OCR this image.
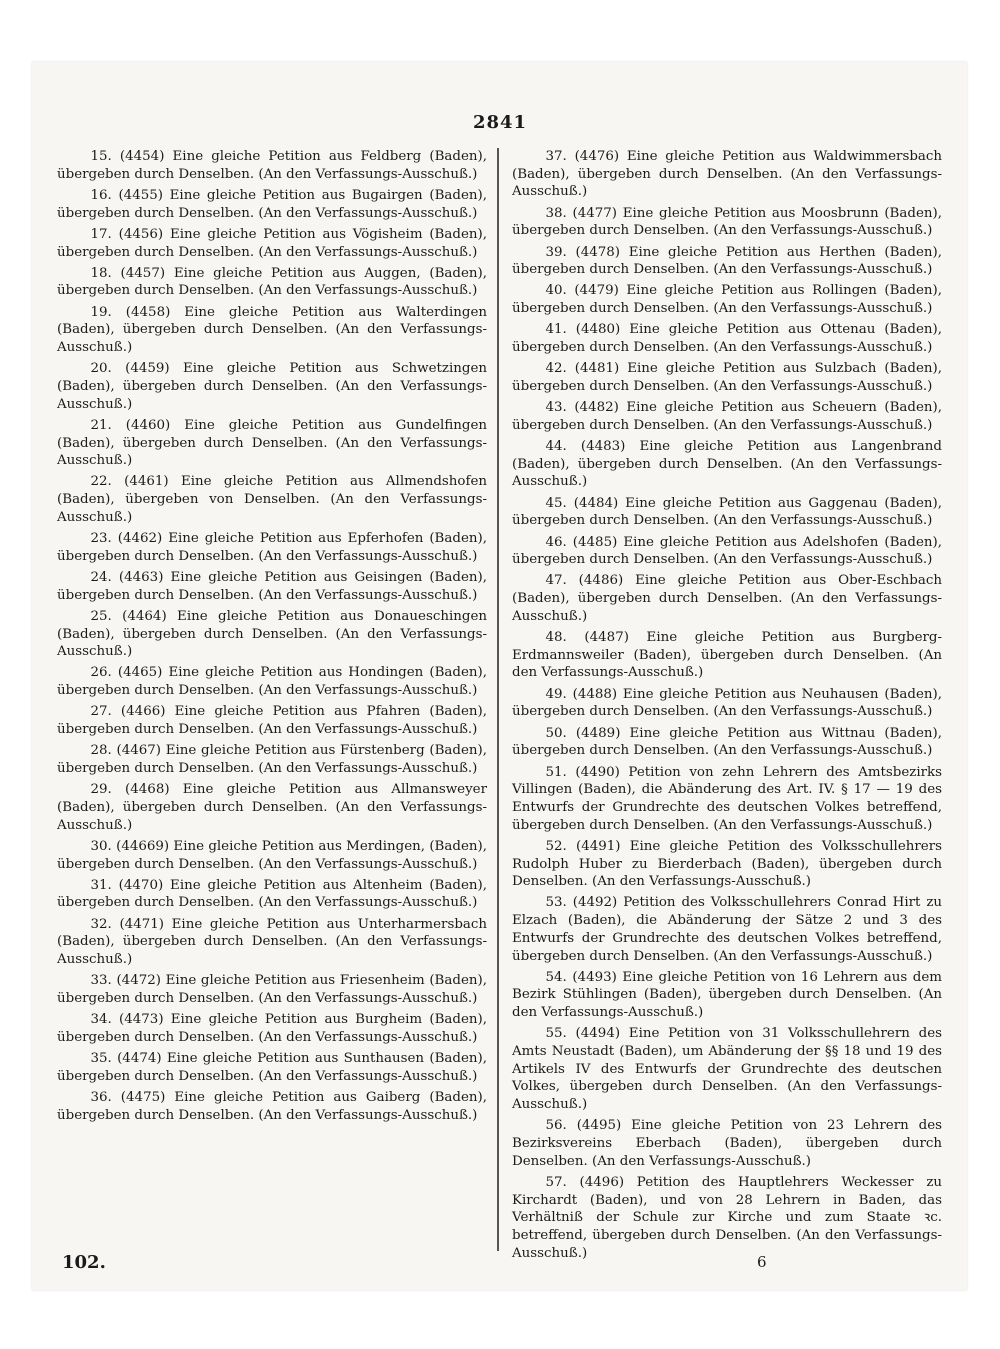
2841

15. (4454) Eine gleiche Petition aus Feldberg (Baden), übergeben durch Denselben. (An den Verfassungs-Ausschuß.)

16. (4455) Eine gleiche Petition aus Bugairgen (Baden), übergeben durch Denselben. (An den Verfassungs-Ausschuß.)

17. (4456) Eine gleiche Petition aus Vögisheim (Baden), übergeben durch Denselben. (An den Verfassungs-Ausschuß.)

18. (4457) Eine gleiche Petition aus Auggen, (Baden), übergeben durch Denselben. (An den Verfassungs-Ausschuß.)

19. (4458) Eine gleiche Petition aus Walterdingen (Baden), übergeben durch Denselben. (An den Verfassungs-Ausschuß.)

20. (4459) Eine gleiche Petition aus Schwetzingen (Baden), übergeben durch Denselben. (An den Verfassungs-Ausschuß.)

21. (4460) Eine gleiche Petition aus Gundelfingen (Baden), übergeben durch Denselben. (An den Verfassungs-Ausschuß.)

22. (4461) Eine gleiche Petition aus Allmendshofen (Baden), übergeben von Denselben. (An den Verfassungs-Ausschuß.)

23. (4462) Eine gleiche Petition aus Epferhofen (Baden), übergeben durch Denselben. (An den Verfassungs-Ausschuß.)

24. (4463) Eine gleiche Petition aus Geisingen (Baden), übergeben durch Denselben. (An den Verfassungs-Ausschuß.)

25. (4464) Eine gleiche Petition aus Donaueschingen (Baden), übergeben durch Denselben. (An den Verfassungs-Ausschuß.)

26. (4465) Eine gleiche Petition aus Hondingen (Baden), übergeben durch Denselben. (An den Verfassungs-Ausschuß.)

27. (4466) Eine gleiche Petition aus Pfahren (Baden), übergeben durch Denselben. (An den Verfassungs-Ausschuß.)

28. (4467) Eine gleiche Petition aus Fürstenberg (Baden), übergeben durch Denselben. (An den Verfassungs-Ausschuß.)

29. (4468) Eine gleiche Petition aus Allmansweyer (Baden), übergeben durch Denselben. (An den Verfassungs-Ausschuß.)

30. (44669) Eine gleiche Petition aus Merdingen, (Baden), übergeben durch Denselben. (An den Verfassungs-Ausschuß.)

31. (4470) Eine gleiche Petition aus Altenheim (Baden), übergeben durch Denselben. (An den Verfassungs-Ausschuß.)

32. (4471) Eine gleiche Petition aus Unterharmersbach (Baden), übergeben durch Denselben. (An den Verfassungs-Ausschuß.)

33. (4472) Eine gleiche Petition aus Friesenheim (Baden), übergeben durch Denselben. (An den Verfassungs-Ausschuß.)

34. (4473) Eine gleiche Petition aus Burgheim (Baden), übergeben durch Denselben. (An den Verfassungs-Ausschuß.)

35. (4474) Eine gleiche Petition aus Sunthausen (Baden), übergeben durch Denselben. (An den Verfassungs-Ausschuß.)

36. (4475) Eine gleiche Petition aus Gaiberg (Baden), übergeben durch Denselben. (An den Verfassungs-Ausschuß.)

37. (4476) Eine gleiche Petition aus Waldwimmersbach (Baden), übergeben durch Denselben. (An den Verfassungs-Ausschuß.)

38. (4477) Eine gleiche Petition aus Moosbrunn (Baden), übergeben durch Denselben. (An den Verfassungs-Ausschuß.)

39. (4478) Eine gleiche Petition aus Herthen (Baden), übergeben durch Denselben. (An den Verfassungs-Ausschuß.)

40. (4479) Eine gleiche Petition aus Rollingen (Baden), übergeben durch Denselben. (An den Verfassungs-Ausschuß.)

41. (4480) Eine gleiche Petition aus Ottenau (Baden), übergeben durch Denselben. (An den Verfassungs-Ausschuß.)

42. (4481) Eine gleiche Petition aus Sulzbach (Baden), übergeben durch Denselben. (An den Verfassungs-Ausschuß.)

43. (4482) Eine gleiche Petition aus Scheuern (Baden), übergeben durch Denselben. (An den Verfassungs-Ausschuß.)

44. (4483) Eine gleiche Petition aus Langenbrand (Baden), übergeben durch Denselben. (An den Verfassungs-Ausschuß.)

45. (4484) Eine gleiche Petition aus Gaggenau (Baden), übergeben durch Denselben. (An den Verfassungs-Ausschuß.)

46. (4485) Eine gleiche Petition aus Adelshofen (Baden), übergeben durch Denselben. (An den Verfassungs-Ausschuß.)

47. (4486) Eine gleiche Petition aus Ober-Eschbach (Baden), übergeben durch Denselben. (An den Verfassungs-Ausschuß.)

48. (4487) Eine gleiche Petition aus Burgberg-Erdmannsweiler (Baden), übergeben durch Denselben. (An den Verfassungs-Ausschuß.)

49. (4488) Eine gleiche Petition aus Neuhausen (Baden), übergeben durch Denselben. (An den Verfassungs-Ausschuß.)

50. (4489) Eine gleiche Petition aus Wittnau (Baden), übergeben durch Denselben. (An den Verfassungs-Ausschuß.)

51. (4490) Petition von zehn Lehrern des Amtsbezirks Villingen (Baden), die Abänderung des Art. IV. § 17 — 19 des Entwurfs der Grundrechte des deutschen Volkes betreffend, übergeben durch Denselben. (An den Verfassungs-Ausschuß.)

52. (4491) Eine gleiche Petition des Volksschullehrers Rudolph Huber zu Bierderbach (Baden), übergeben durch Denselben. (An den Verfassungs-Ausschuß.)

53. (4492) Petition des Volksschullehrers Conrad Hirt zu Elzach (Baden), die Abänderung der Sätze 2 und 3 des Entwurfs der Grundrechte des deutschen Volkes betreffend, übergeben durch Denselben. (An den Verfassungs-Ausschuß.)

54. (4493) Eine gleiche Petition von 16 Lehrern aus dem Bezirk Stühlingen (Baden), übergeben durch Denselben. (An den Verfassungs-Ausschuß.)

55. (4494) Eine Petition von 31 Volksschullehrern des Amts Neustadt (Baden), um Abänderung der §§ 18 und 19 des Artikels IV des Entwurfs der Grundrechte des deutschen Volkes, übergeben durch Denselben. (An den Verfassungs-Ausschuß.)

56. (4495) Eine gleiche Petition von 23 Lehrern des Bezirksvereins Eberbach (Baden), übergeben durch Denselben. (An den Verfassungs-Ausschuß.)

57. (4496) Petition des Hauptlehrers Weckesser zu Kirchardt (Baden), und von 28 Lehrern in Baden, das Verhältniß der Schule zur Kirche und zum Staate ꝛc. betreffend, übergeben durch Denselben. (An den Verfassungs-Ausschuß.)

102.	6
